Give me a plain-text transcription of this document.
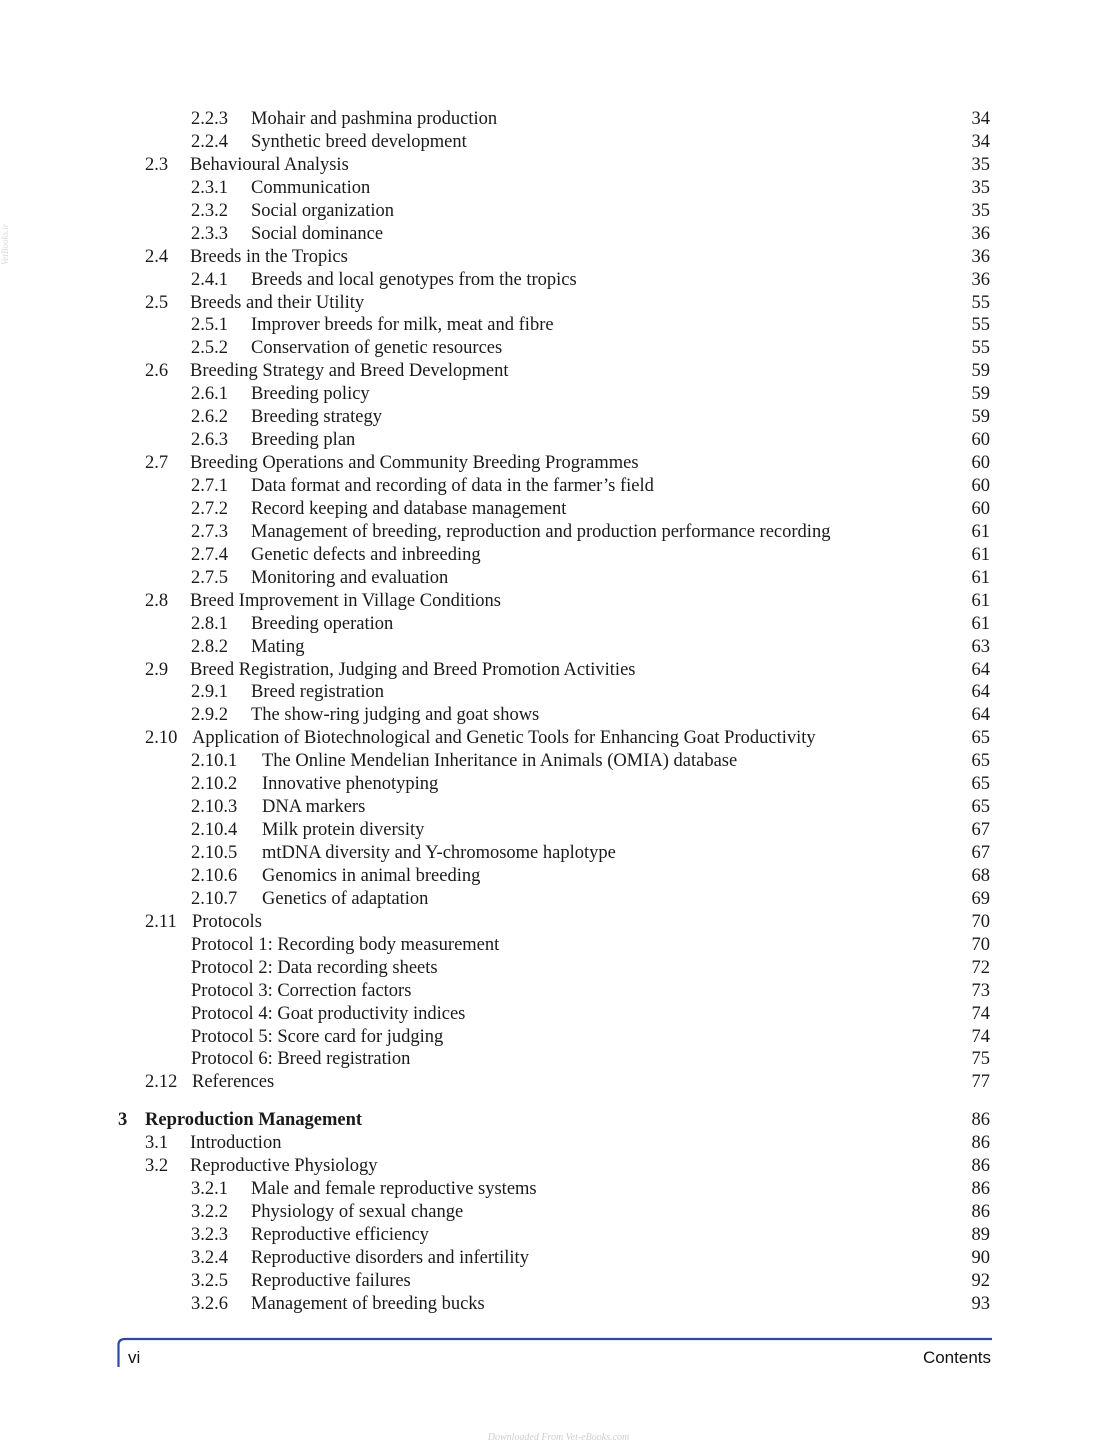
2.2.3 Mohair and pashmina production	34
2.2.4 Synthetic breed development	34
2.3 Behavioural Analysis	35
2.3.1 Communication	35
2.3.2 Social organization	35
2.3.3 Social dominance	36
2.4 Breeds in the Tropics	36
2.4.1 Breeds and local genotypes from the tropics	36
2.5 Breeds and their Utility	55
2.5.1 Improver breeds for milk, meat and fibre	55
2.5.2 Conservation of genetic resources	55
2.6 Breeding Strategy and Breed Development	59
2.6.1 Breeding policy	59
2.6.2 Breeding strategy	59
2.6.3 Breeding plan	60
2.7 Breeding Operations and Community Breeding Programmes	60
2.7.1 Data format and recording of data in the farmer’s field	60
2.7.2 Record keeping and database management	60
2.7.3 Management of breeding, reproduction and production performance recording	61
2.7.4 Genetic defects and inbreeding	61
2.7.5 Monitoring and evaluation	61
2.8 Breed Improvement in Village Conditions	61
2.8.1 Breeding operation	61
2.8.2 Mating	63
2.9 Breed Registration, Judging and Breed Promotion Activities	64
2.9.1 Breed registration	64
2.9.2 The show-ring judging and goat shows	64
2.10 Application of Biotechnological and Genetic Tools for Enhancing Goat Productivity	65
2.10.1 The Online Mendelian Inheritance in Animals (OMIA) database	65
2.10.2 Innovative phenotyping	65
2.10.3 DNA markers	65
2.10.4 Milk protein diversity	67
2.10.5 mtDNA diversity and Y-chromosome haplotype	67
2.10.6 Genomics in animal breeding	68
2.10.7 Genetics of adaptation	69
2.11 Protocols	70
Protocol 1: Recording body measurement	70
Protocol 2: Data recording sheets	72
Protocol 3: Correction factors	73
Protocol 4: Goat productivity indices	74
Protocol 5: Score card for judging	74
Protocol 6: Breed registration	75
2.12 References	77
3 Reproduction Management	86
3.1 Introduction	86
3.2 Reproductive Physiology	86
3.2.1 Male and female reproductive systems	86
3.2.2 Physiology of sexual change	86
3.2.3 Reproductive efficiency	89
3.2.4 Reproductive disorders and infertility	90
3.2.5 Reproductive failures	92
3.2.6 Management of breeding bucks	93
vi	Contents
VetBooks.ir
Downloaded From Vet-eBooks.com
